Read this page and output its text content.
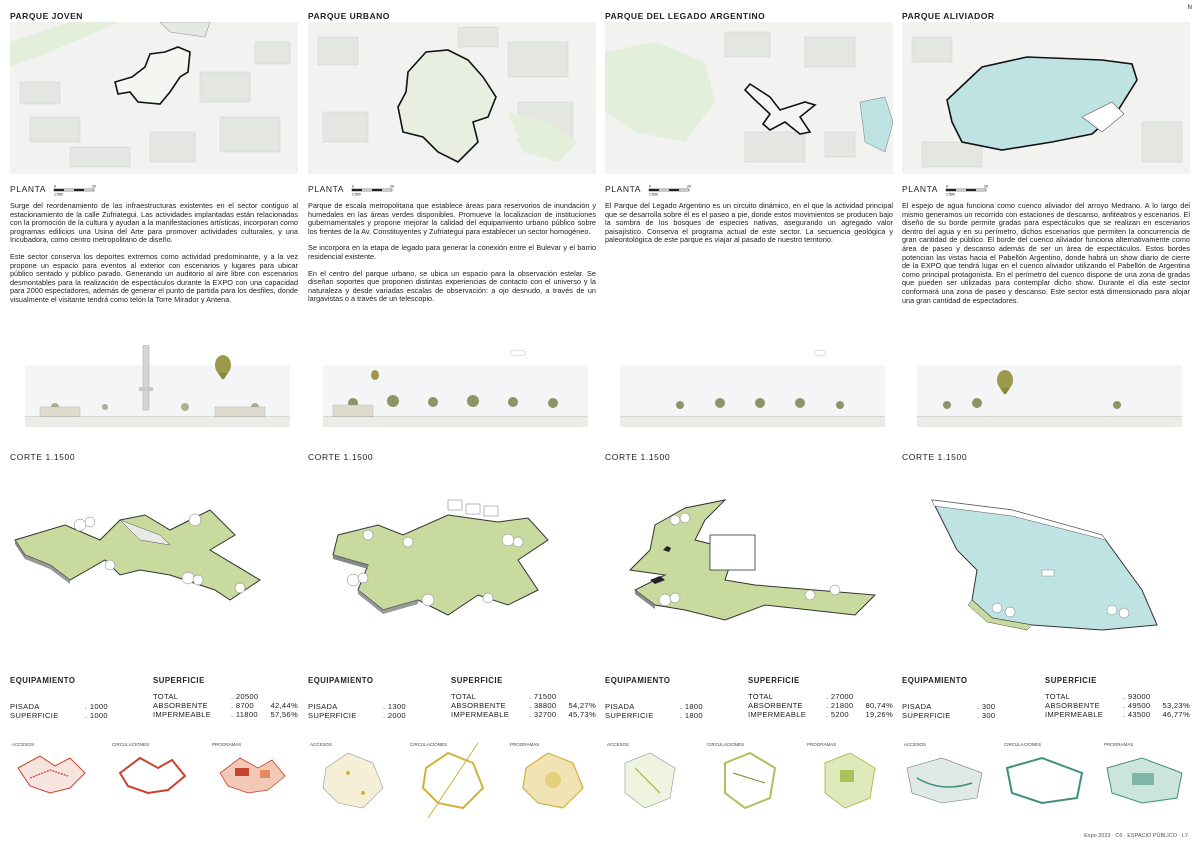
N
PARQUE JOVEN
PLANTA 0	20
1:500

Surge del reordenamiento de las infraestructuras existentes en el sector contiguo al estacionamiento de la calle Zufriategui. Las actividades implantadas están relacionadas con la promoción de la cultura y ayudan a la manifestaciones artísticas, incorporan como programas edilicios una Usina del Arte para promover actividades culturales, y una Incubadora, como centro metropolitano de diseño.

Este sector conserva los deportes extremos como actividad predominante, y a la vez propone un espacio para eventos al exterior con escenarios y lugares para ubicar público sentado y público parado. Generando un auditorio al aire libre con escenarios desmontables para la realización de espectáculos durante la EXPO con una capacidad para 2000 espectadores, además de generar el punto de partida para los desfiles, donde visualmente el visitante tendrá como telón la Torre Mirador y Antena.

CORTE 1.1500
EQUIPAMIENTO	SUPERFICIE
PISADA	. 1000
SUPERFICIE	. 1000
TOTAL	. 20500
ABSORBENTE	. 8700	42,44%
IMPERMEABLE	. 11800	57,56%
ACCESOS	CIRCULACIONES	PROGRAMAS
PARQUE URBANO
PLANTA 0	20
1:500

Parque de escala metropolitana que establece áreas para reservorios de inundación y humedales en las áreas verdes disponibles. Promueve la localizacion de instituciones gubernamentales y propone mejorar la calidad del equipamiento urbano público sobre los frentes de la Av. Constituyentes y Zufriategui para establecer un sector homogéneo.

Se incorpora en la etapa de legado para generar la conexión entre el Bulevar y el barrio residencial existente.

En el centro del parque urbano, se ubica un espacio para la observación estelar. Se diseñan soportes que proponen distintas experiencias de contacto con el universo y la naturaleza y desde variadas escalas de observación: a ojo desnudo, a través de un largavistas o a través de un telescopio.

CORTE 1.1500
EQUIPAMIENTO	SUPERFICIE
PISADA	. 1300
SUPERFICIE	. 2000
TOTAL	. 71500
ABSORBENTE	. 38800	54,27%
IMPERMEABLE	. 32700	45,73%
ACCESOS	CIRCULACIONES	PROGRAMAS
PARQUE DEL LEGADO ARGENTINO
PLANTA 0	20
1:500

El Parque del Legado Argentino es un circuito dinámico, en el que la actividad principal que se desarrolla sobre él es el paseo a pie, donde estos movimientos se producen bajo la sombra de los bosques de especies nativas, asegurando un agregado valor paisajístico. Conserva el programa actual de este sector. La secuencia geológica y paleontológica de este parque es viajar al pasado de nuestro territorio.

CORTE 1.1500
EQUIPAMIENTO	SUPERFICIE
PISADA	. 1800
SUPERFICIE	. 1800
TOTAL	. 27000
ABSORBENTE	. 21800	80,74%
IMPERMEABLE	. 5200	19,26%
ACCESOS	CIRCULACIONES	PROGRAMAS
PARQUE ALIVIADOR
PLANTA 0	20
1:500

El espejo de agua funciona como cuenco aliviador del arroyo Medrano. A lo largo del mismo generamos un recorrido con estaciones de descanso, anfiteatros y escenarios. El diseño de su borde permite gradas para espectáculos que se realizan en escenarios dentro del agua y en su perímetro, dichos escenarios que permiten la concurrencia de gran cantidad de público. El borde del cuenco aliviador funciona alternativamente como área de paseo y descanso además de ser un área de espectáculos. Estos bordes potencian las vistas hacia el Pabellón Argentino, donde habrá un show diario de cierre de la EXPO que tendrá lugar en el cuenco aliviador utilizando el Pabellón de Argentina como principal protagonista. En el perímetro del cuenco dispone de una zona de gradas que pueden ser utilizadas para contemplar dicho show. Durante el día este sector conformará una zona de paseo y descanso. Este sector está dimensionado para alojar una gran cantidad de espectadores.

CORTE 1.1500
EQUIPAMIENTO	SUPERFICIE
PISADA	. 300
SUPERFICIE	. 300
TOTAL	. 93000
ABSORBENTE	. 49500	53,23%
IMPERMEABLE	. 43500	46,77%
ACCESOS	CIRCULACIONES	PROGRAMAS
Expo 2023 · C6 · ESPACIO PÚBLICO · L7
